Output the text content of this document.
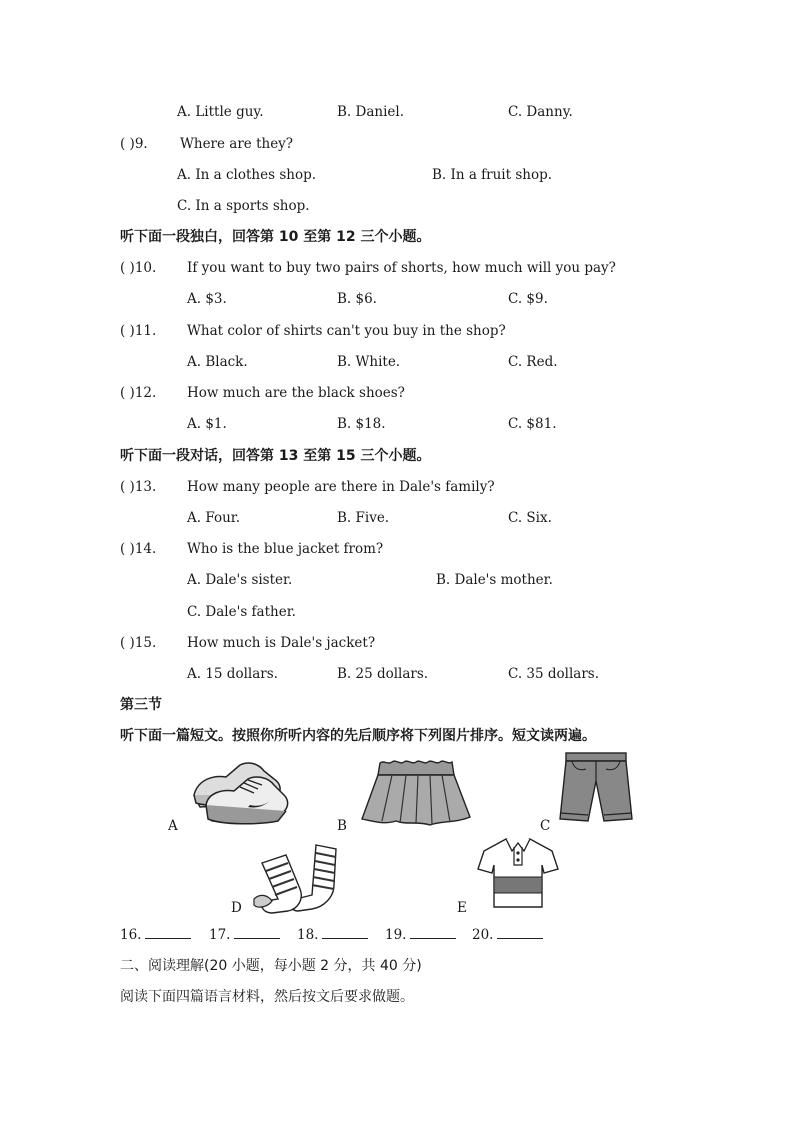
A. Little guy.	B. Daniel.	C. Danny.
( )9. Where are they?
A. In a clothes shop.	B. In a fruit shop.
C. In a sports shop.
听下面一段独白，回答第 10 至第 12 三个小题。
( )10. If you want to buy two pairs of shorts, how much will you pay?
A. $3.	B. $6.	C. $9.
( )11. What color of shirts can't you buy in the shop?
A. Black.	B. White.	C. Red.
( )12. How much are the black shoes?
A. $1.	B. $18.	C. $81.
听下面一段对话，回答第 13 至第 15 三个小题。
( )13. How many people are there in Dale's family?
A. Four.	B. Five.	C. Six.
( )14. Who is the blue jacket from?
A. Dale's sister.	B. Dale's mother.
C. Dale's father.
( )15. How much is Dale's jacket?
A. 15 dollars.	B. 25 dollars.	C. 35 dollars.
第三节
听下面一篇短文。按照你所听内容的先后顺序将下列图片排序。短文读两遍。
A	B	C
D	E
16.	17.	18.	19.	20.
二、阅读理解(20 小题，每小题 2 分，共 40 分)
阅读下面四篇语言材料，然后按文后要求做题。
